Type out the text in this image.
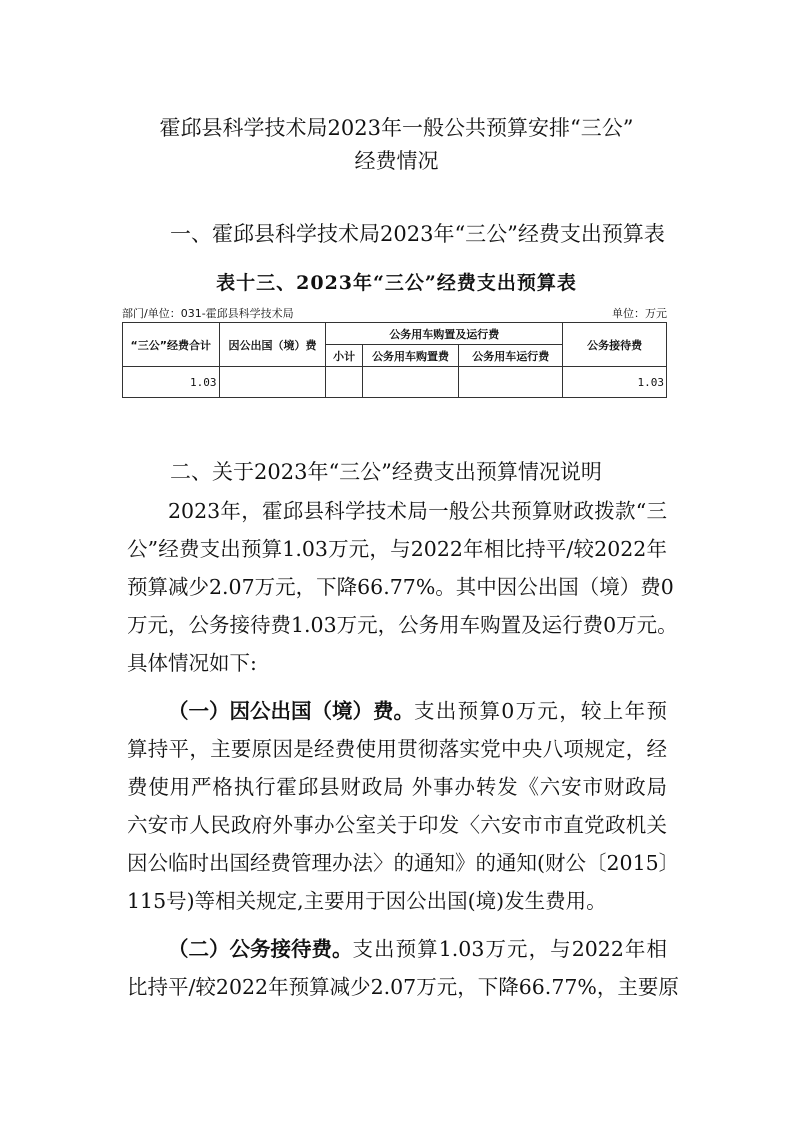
霍邱县科学技术局2023年一般公共预算安排“三公”
经费情况
一、霍邱县科学技术局2023年“三公”经费支出预算表
表十三、2023年“三公”经费支出预算表
部门/单位：031-霍邱县科学技术局	单位：万元
“三公”经费合计	因公出国（境）费	公务用车购置及运行费			公务接待费
		小计	公务用车购置费	公务用车运行费	
1.03					1.03
二、关于2023年“三公”经费支出预算情况说明
2023年，霍邱县科学技术局一般公共预算财政拨款“三
公”经费支出预算1.03万元，与2022年相比持平/较2022年
预算减少2.07万元，下降66.77%。其中因公出国（境）费0
万元，公务接待费1.03万元，公务用车购置及运行费0万元。
具体情况如下:
（一）因公出国（境）费。 支出预算0万元，较上年预
算持平，主要原因是经费使用贯彻落实党中央八项规定，经
费使用严格执行霍邱县财政局 外事办转发《六安市财政局
六安市人民政府外事办公室关于印发〈六安市市直党政机关
因公临时出国经费管理办法〉的通知》的通知(财公〔2015〕
115号)等相关规定,主要用于因公出国(境)发生费用。
（二）公务接待费。 支出预算1.03万元，与2022年相
比持平/较2022年预算减少2.07万元，下降66.77%，主要原
